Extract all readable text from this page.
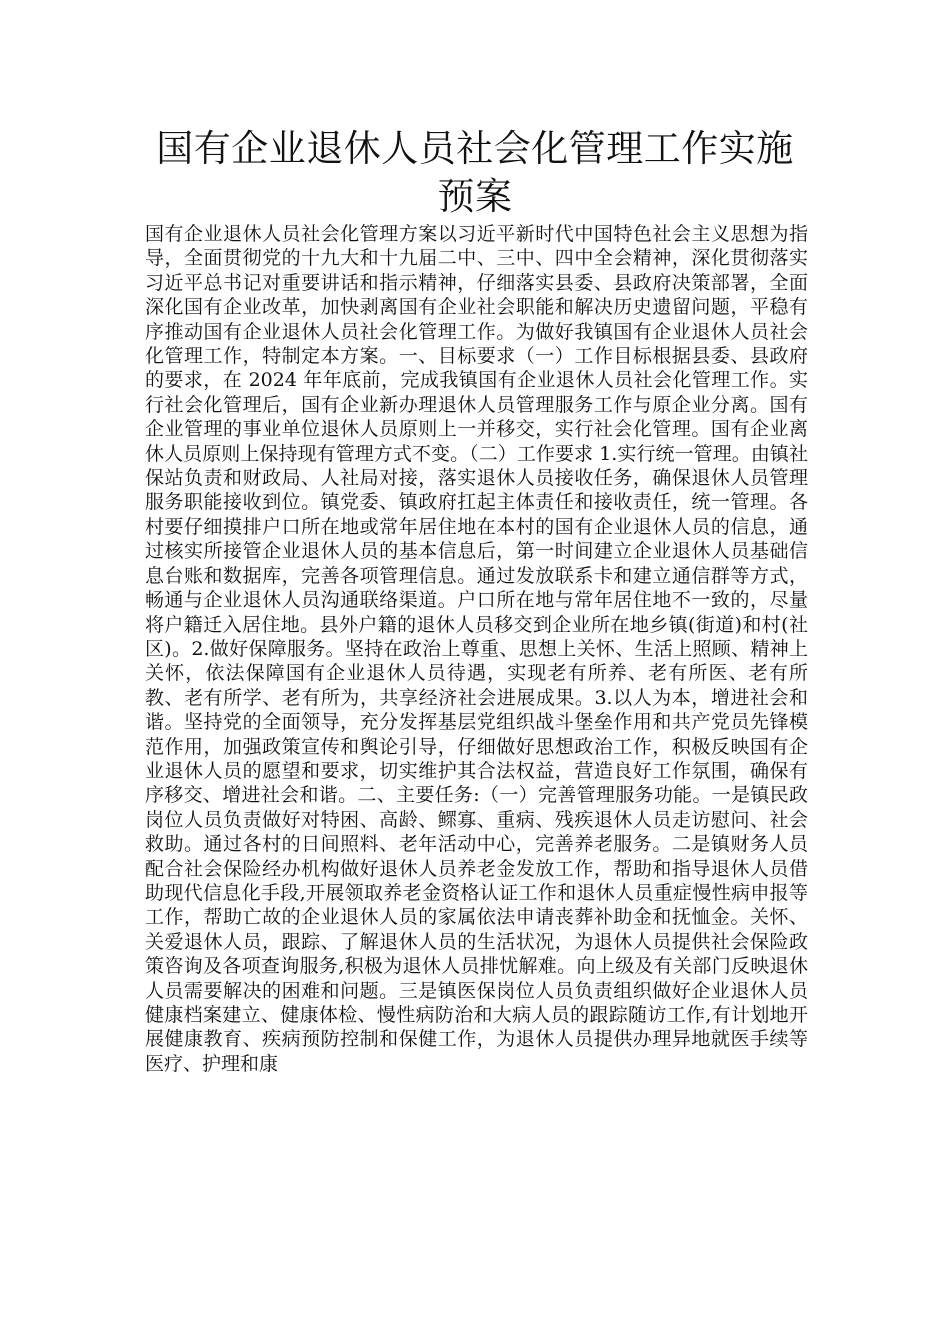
国有企业退休人员社会化管理工作实施
预案

国有企业退休人员社会化管理方案以习近平新时代中国特色社会主义思想为指导，全面贯彻党的十九大和十九届二中、三中、四中全会精神，深化贯彻落实习近平总书记对重要讲话和指示精神，仔细落实县委、县政府决策部署，全面深化国有企业改革，加快剥离国有企业社会职能和解决历史遗留问题，平稳有序推动国有企业退休人员社会化管理工作。为做好我镇国有企业退休人员社会化管理工作，特制定本方案。一、目标要求（一）工作目标根据县委、县政府的要求，在 2024 年年底前，完成我镇国有企业退休人员社会化管理工作。实行社会化管理后，国有企业新办理退休人员管理服务工作与原企业分离。国有企业管理的事业单位退休人员原则上一并移交，实行社会化管理。国有企业离休人员原则上保持现有管理方式不变。（二）工作要求 1.实行统一管理。由镇社保站负责和财政局、人社局对接，落实退休人员接收任务，确保退休人员管理服务职能接收到位。镇党委、镇政府扛起主体责任和接收责任，统一管理。各村要仔细摸排户口所在地或常年居住地在本村的国有企业退休人员的信息，通过核实所接管企业退休人员的基本信息后，第一时间建立企业退休人员基础信息台账和数据库，完善各项管理信息。通过发放联系卡和建立通信群等方式，畅通与企业退休人员沟通联络渠道。户口所在地与常年居住地不一致的，尽量将户籍迁入居住地。县外户籍的退休人员移交到企业所在地乡镇(街道)和村(社区)。2.做好保障服务。坚持在政治上尊重、思想上关怀、生活上照顾、精神上关怀，依法保障国有企业退休人员待遇，实现老有所养、老有所医、老有所教、老有所学、老有所为，共享经济社会进展成果。3.以人为本，增进社会和谐。坚持党的全面领导，充分发挥基层党组织战斗堡垒作用和共产党员先锋模范作用，加强政策宣传和舆论引导，仔细做好思想政治工作，积极反映国有企业退休人员的愿望和要求，切实维护其合法权益，营造良好工作氛围，确保有序移交、增进社会和谐。二、主要任务:（一）完善管理服务功能。一是镇民政岗位人员负责做好对特困、高龄、鳏寡、重病、残疾退休人员走访慰问、社会救助。通过各村的日间照料、老年活动中心，完善养老服务。二是镇财务人员配合社会保险经办机构做好退休人员养老金发放工作，帮助和指导退休人员借助现代信息化手段,开展领取养老金资格认证工作和退休人员重症慢性病申报等工作，帮助亡故的企业退休人员的家属依法申请丧葬补助金和抚恤金。关怀、关爱退休人员，跟踪、了解退休人员的生活状况，为退休人员提供社会保险政策咨询及各项查询服务,积极为退休人员排忧解难。向上级及有关部门反映退休人员需要解决的困难和问题。三是镇医保岗位人员负责组织做好企业退休人员健康档案建立、健康体检、慢性病防治和大病人员的跟踪随访工作,有计划地开展健康教育、疾病预防控制和保健工作，为退休人员提供办理异地就医手续等医疗、护理和康
